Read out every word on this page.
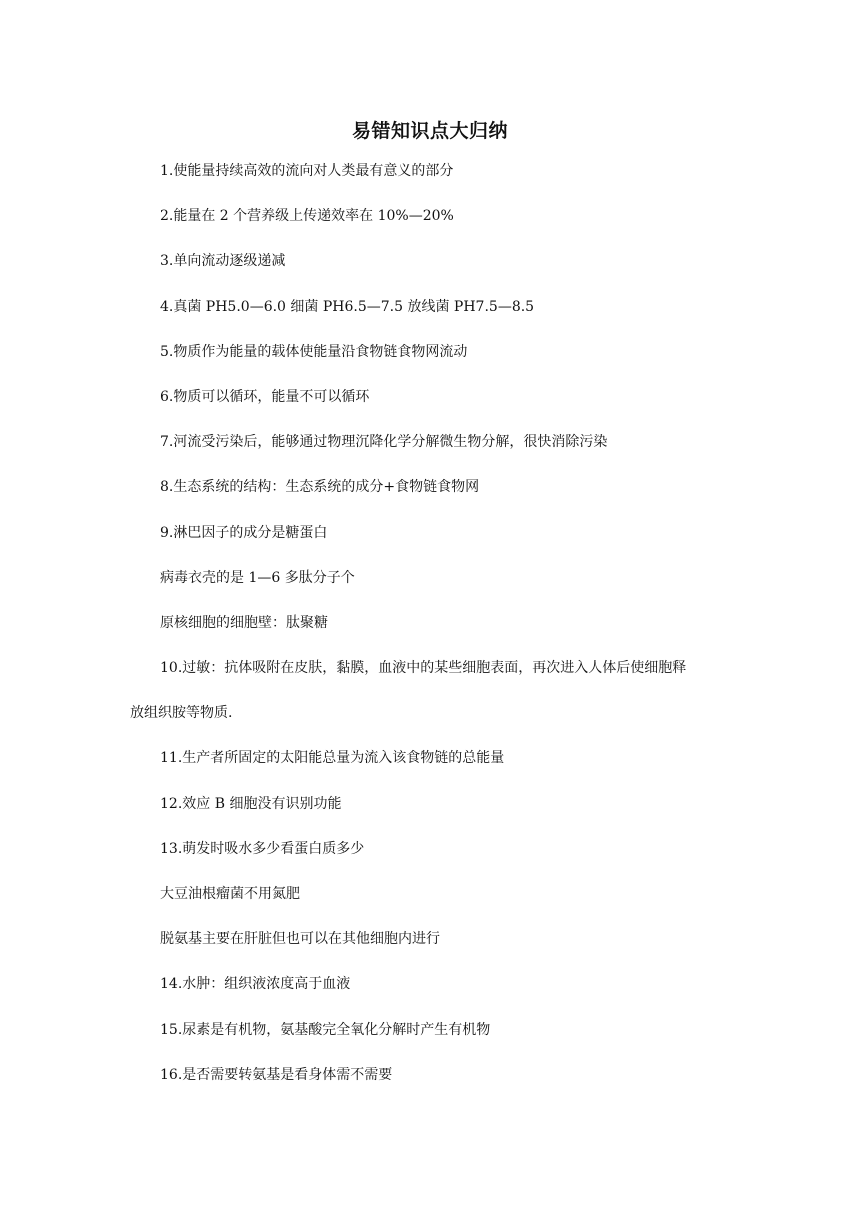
易错知识点大归纳
1.使能量持续高效的流向对人类最有意义的部分
2.能量在 2 个营养级上传递效率在 10%—20%
3.单向流动逐级递减
4.真菌 PH5.0—6.0 细菌 PH6.5—7.5 放线菌 PH7.5—8.5
5.物质作为能量的载体使能量沿食物链食物网流动
6.物质可以循环，能量不可以循环
7.河流受污染后，能够通过物理沉降化学分解微生物分解，很快消除污染
8.生态系统的结构：生态系统的成分+食物链食物网
9.淋巴因子的成分是糖蛋白
病毒衣壳的是 1—6 多肽分子个
原核细胞的细胞壁：肽聚糖
10.过敏：抗体吸附在皮肤，黏膜，血液中的某些细胞表面，再次进入人体后使细胞释
放组织胺等物质.
11.生产者所固定的太阳能总量为流入该食物链的总能量
12.效应 B 细胞没有识别功能
13.萌发时吸水多少看蛋白质多少
大豆油根瘤菌不用氮肥
脱氨基主要在肝脏但也可以在其他细胞内进行
14.水肿：组织液浓度高于血液
15.尿素是有机物，氨基酸完全氧化分解时产生有机物
16.是否需要转氨基是看身体需不需要
